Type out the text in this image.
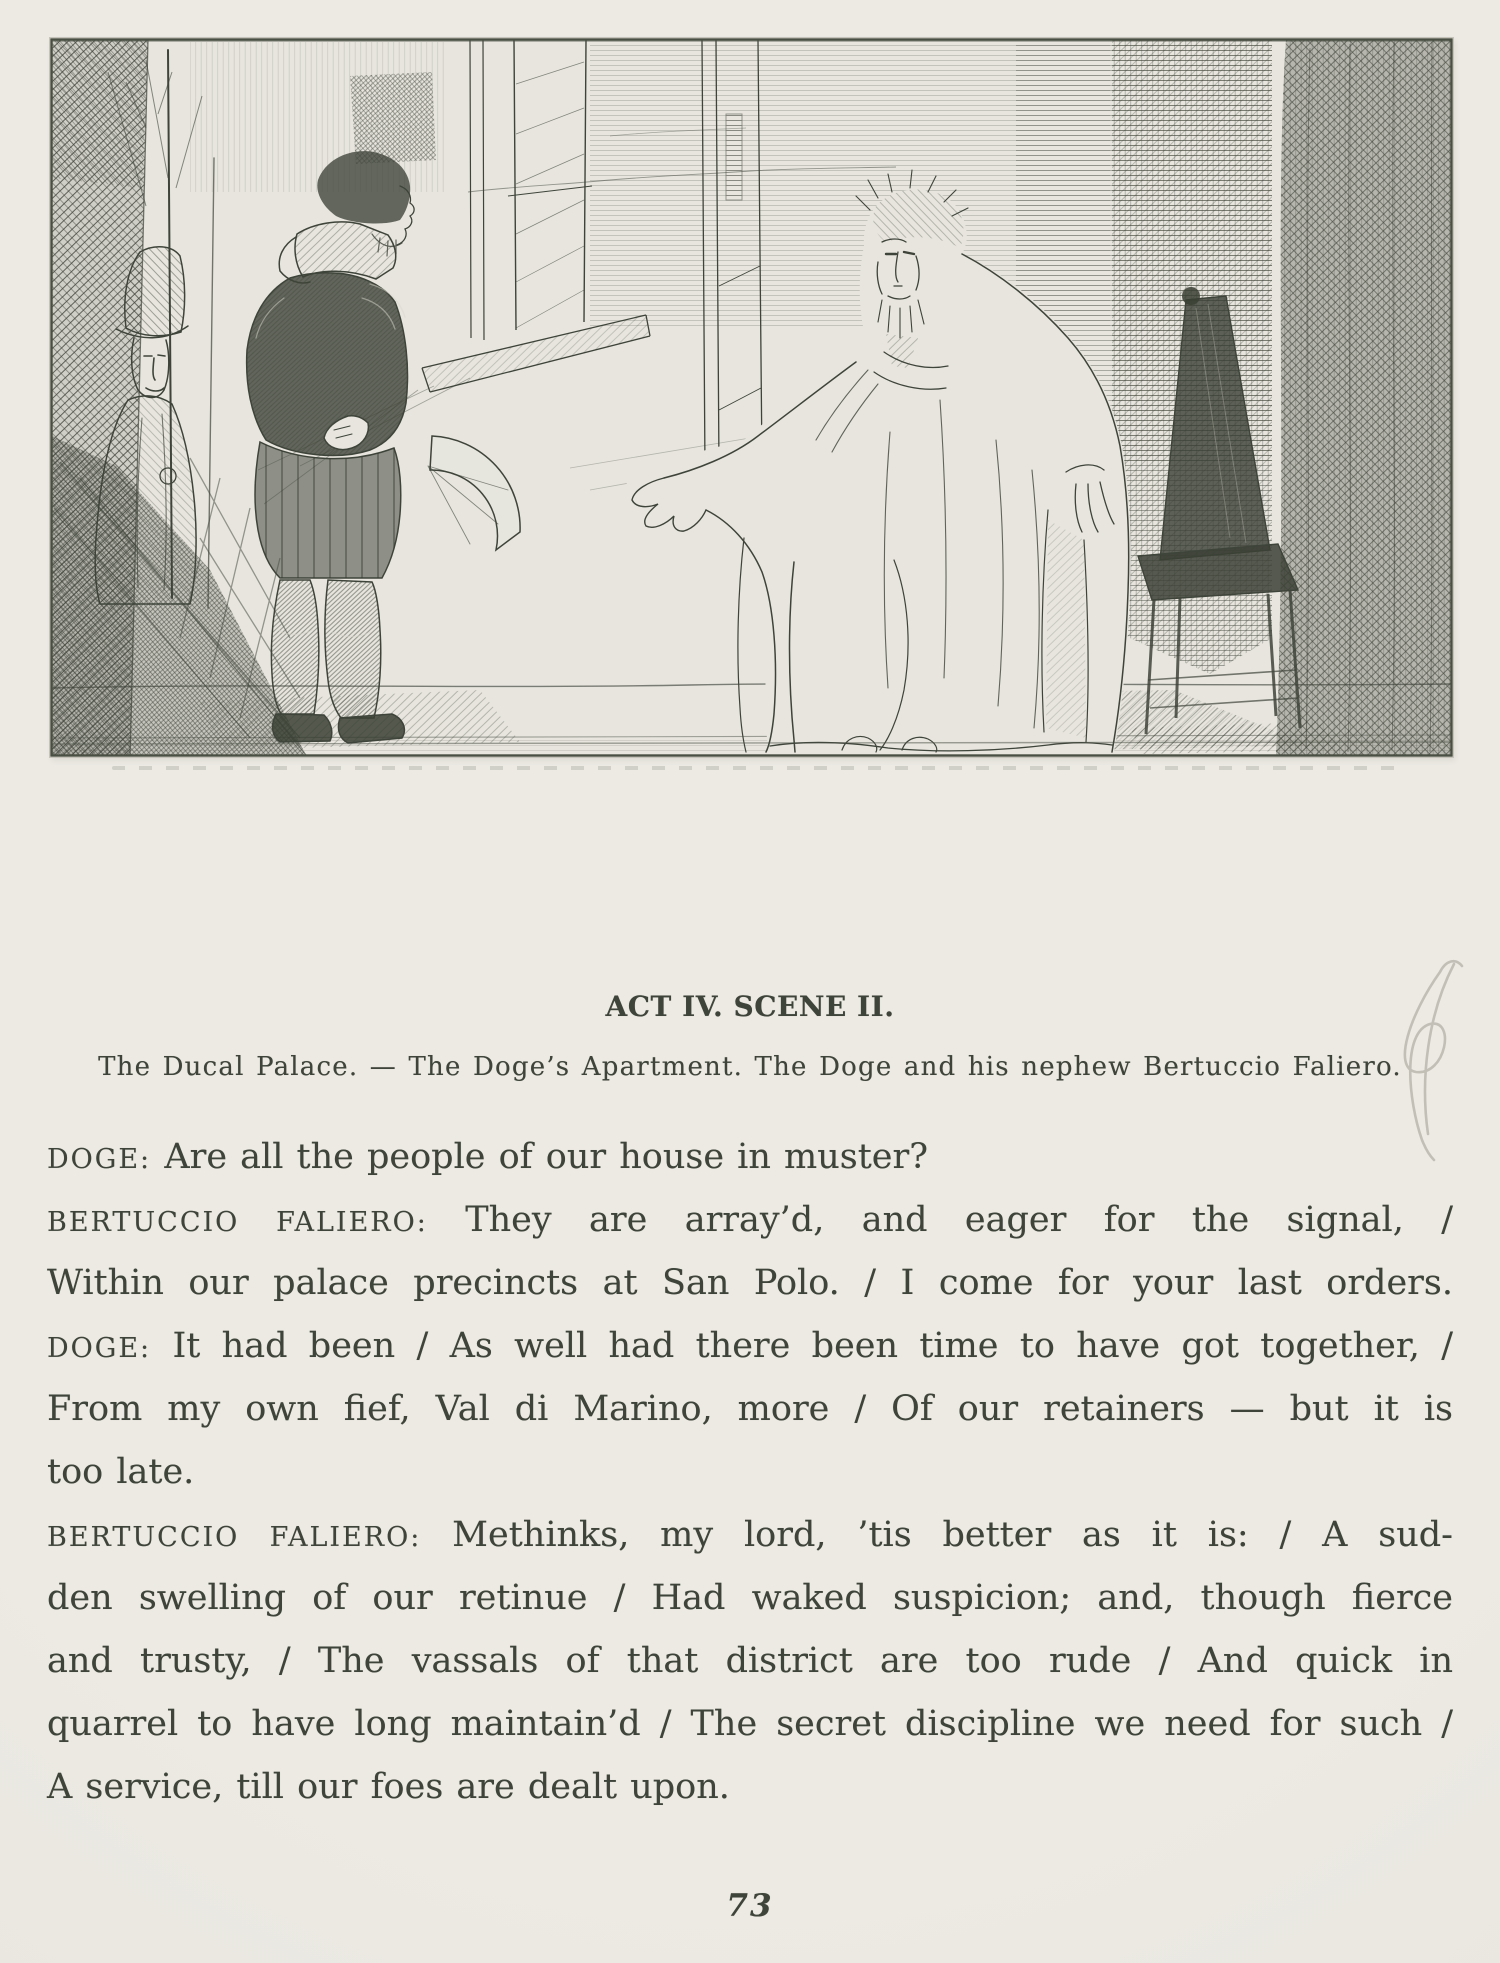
ACT IV. SCENE II.
The Ducal Palace. — The Doge’s Apartment. The Doge and his nephew Bertuccio Faliero.
DOGE: Are all the people of our house in muster?
BERTUCCIO FALIERO: They are array’d, and eager for the signal, /
Within our palace precincts at San Polo. / I come for your last orders.
DOGE: It had been / As well had there been time to have got together, /
From my own fief, Val di Marino, more / Of our retainers — but it is
too late.
BERTUCCIO FALIERO: Methinks, my lord, ’tis better as it is: / A sud-
den swelling of our retinue / Had waked suspicion; and, though fierce
and trusty, / The vassals of that district are too rude / And quick in
quarrel to have long maintain’d / The secret discipline we need for such /
A service, till our foes are dealt upon.
73
